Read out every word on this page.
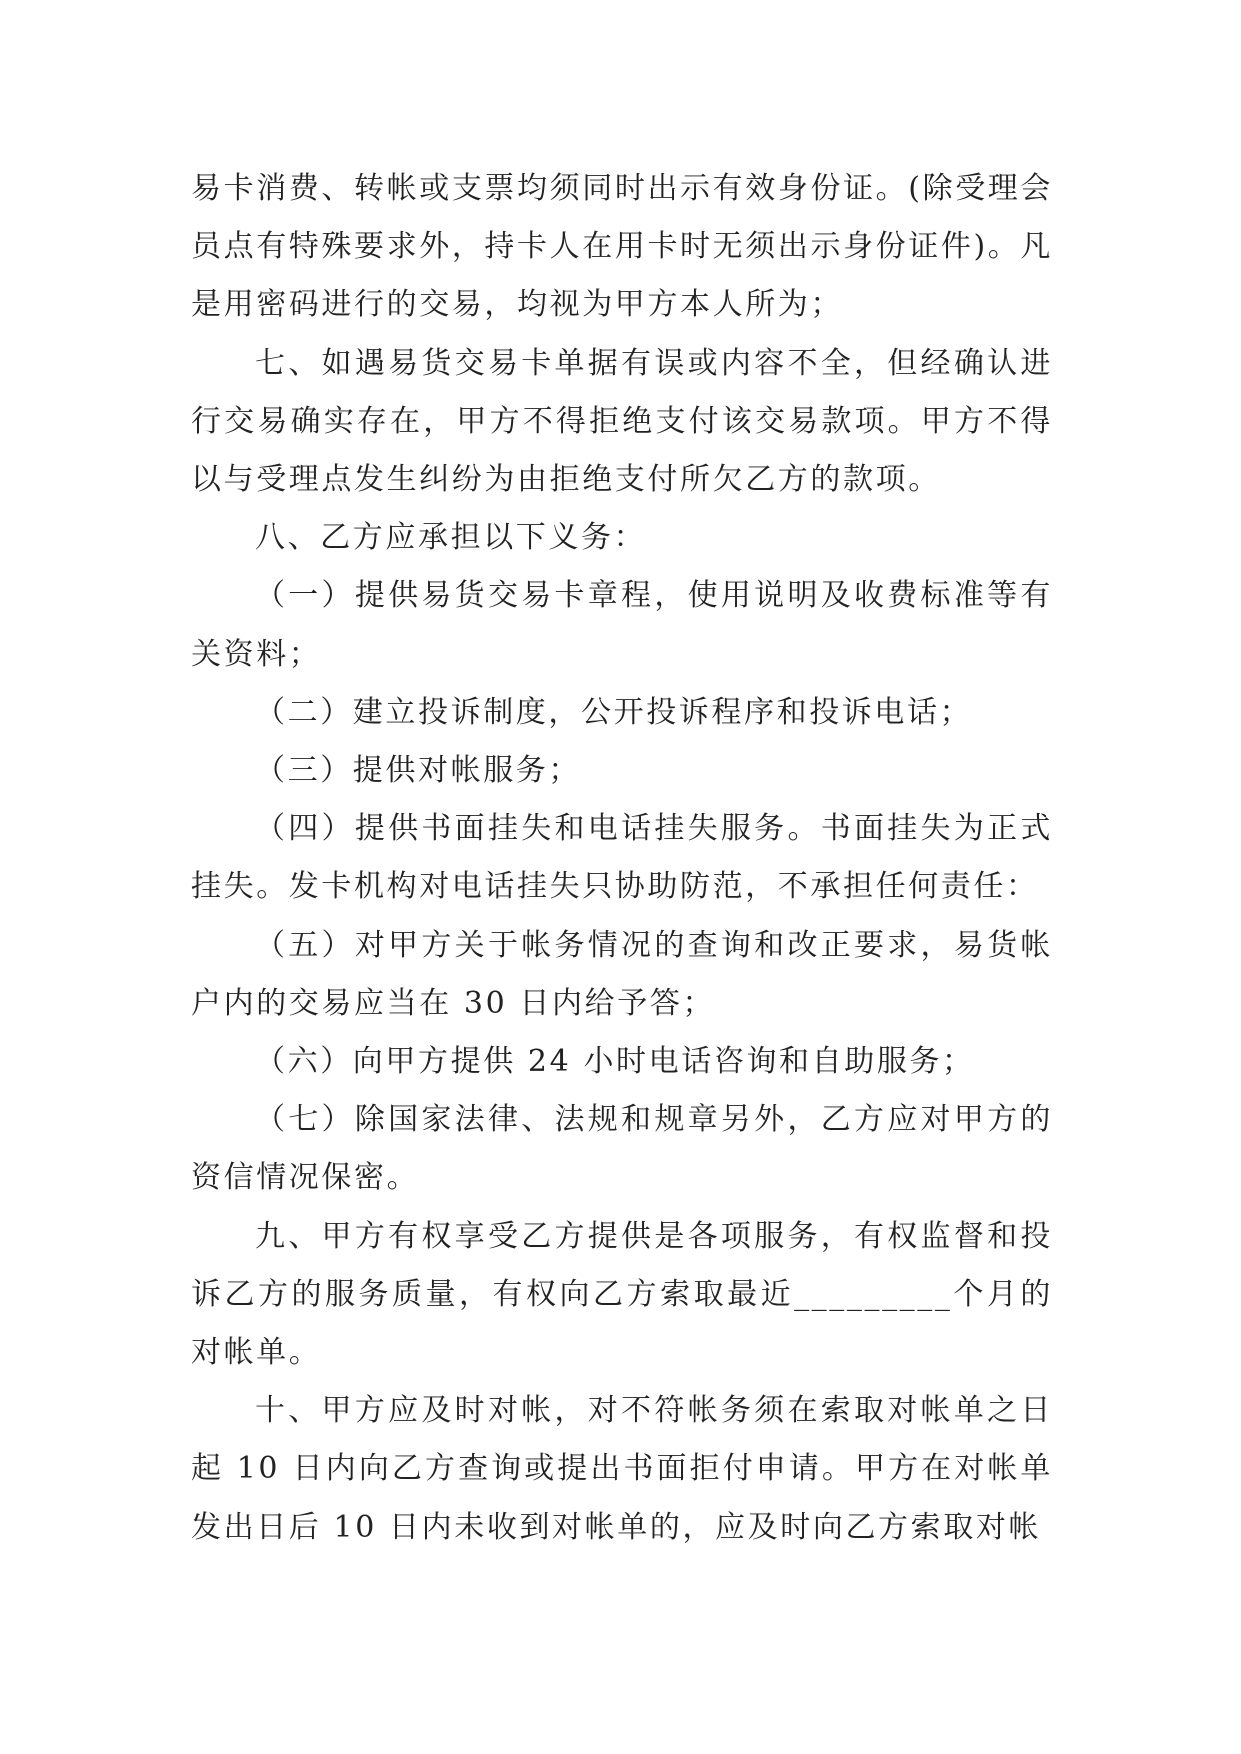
易卡消费、转帐或支票均须同时出示有效身份证。(除受理会员点有特殊要求外，持卡人在用卡时无须出示身份证件)。凡是用密码进行的交易，均视为甲方本人所为；

七、如遇易货交易卡单据有误或内容不全，但经确认进行交易确实存在，甲方不得拒绝支付该交易款项。甲方不得以与受理点发生纠纷为由拒绝支付所欠乙方的款项。

八、乙方应承担以下义务：

（一）提供易货交易卡章程，使用说明及收费标准等有关资料；

（二）建立投诉制度，公开投诉程序和投诉电话；

（三）提供对帐服务；

（四）提供书面挂失和电话挂失服务。书面挂失为正式挂失。发卡机构对电话挂失只协助防范，不承担任何责任：

（五）对甲方关于帐务情况的查询和改正要求，易货帐户内的交易应当在 30 日内给予答；

（六）向甲方提供 24 小时电话咨询和自助服务；

（七）除国家法律、法规和规章另外，乙方应对甲方的资信情况保密。

九、甲方有权享受乙方提供是各项服务，有权监督和投诉乙方的服务质量，有权向乙方索取最近_________个月的对帐单。

十、甲方应及时对帐，对不符帐务须在索取对帐单之日起 10 日内向乙方查询或提出书面拒付申请。甲方在对帐单发出日后 10 日内未收到对帐单的，应及时向乙方索取对帐
